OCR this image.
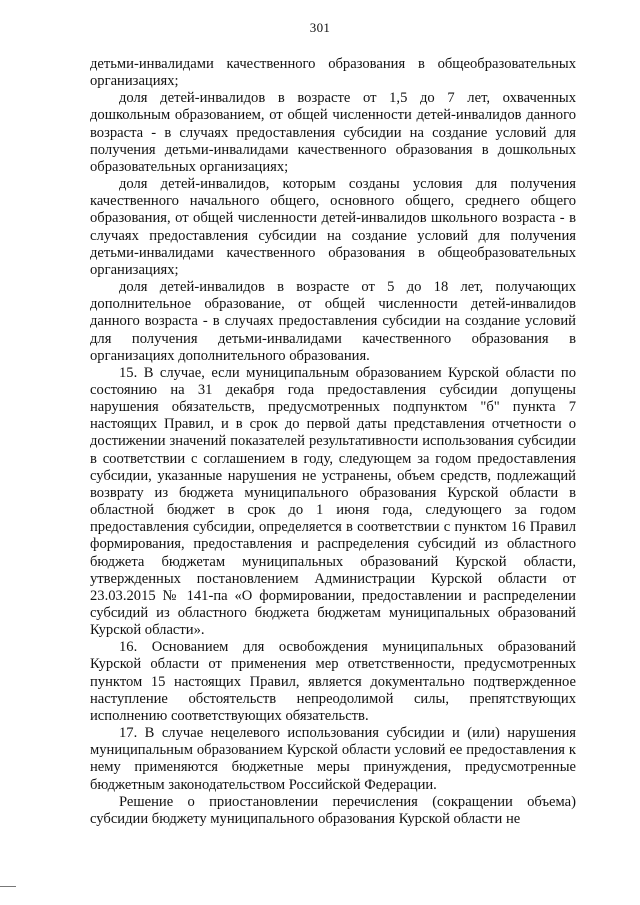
301

детьми-инвалидами качественного образования в общеобразовательных организациях;

доля детей-инвалидов в возрасте от 1,5 до 7 лет, охваченных дошкольным образованием, от общей численности детей-инвалидов данного возраста - в случаях предоставления субсидии на создание условий для получения детьми-инвалидами качественного образования в дошкольных образовательных организациях;

доля детей-инвалидов, которым созданы условия для получения качественного начального общего, основного общего, среднего общего образования, от общей численности детей-инвалидов школьного возраста - в случаях предоставления субсидии на создание условий для получения детьми-инвалидами качественного образования в общеобразовательных организациях;

доля детей-инвалидов в возрасте от 5 до 18 лет, получающих дополнительное образование, от общей численности детей-инвалидов данного возраста - в случаях предоставления субсидии на создание условий для получения детьми-инвалидами качественного образования в организациях дополнительного образования.

15. В случае, если муниципальным образованием Курской области по состоянию на 31 декабря года предоставления субсидии допущены нарушения обязательств, предусмотренных подпунктом "б" пункта 7 настоящих Правил, и в срок до первой даты представления отчетности о достижении значений показателей результативности использования субсидии в соответствии с соглашением в году, следующем за годом предоставления субсидии, указанные нарушения не устранены, объем средств, подлежащий возврату из бюджета муниципального образования Курской области в областной бюджет в срок до 1 июня года, следующего за годом предоставления субсидии, определяется в соответствии с пунктом 16 Правил формирования, предоставления и распределения субсидий из областного бюджета бюджетам муниципальных образований Курской области, утвержденных постановлением Администрации Курской области от 23.03.2015 № 141-па «О формировании, предоставлении и распределении субсидий из областного бюджета бюджетам муниципальных образований Курской области».

16. Основанием для освобождения муниципальных образований Курской области от применения мер ответственности, предусмотренных пунктом 15 настоящих Правил, является документально подтвержденное наступление обстоятельств непреодолимой силы, препятствующих исполнению соответствующих обязательств.

17. В случае нецелевого использования субсидии и (или) нарушения муниципальным образованием Курской области условий ее предоставления к нему применяются бюджетные меры принуждения, предусмотренные бюджетным законодательством Российской Федерации.

Решение о приостановлении перечисления (сокращении объема) субсидии бюджету муниципального образования Курской области не
